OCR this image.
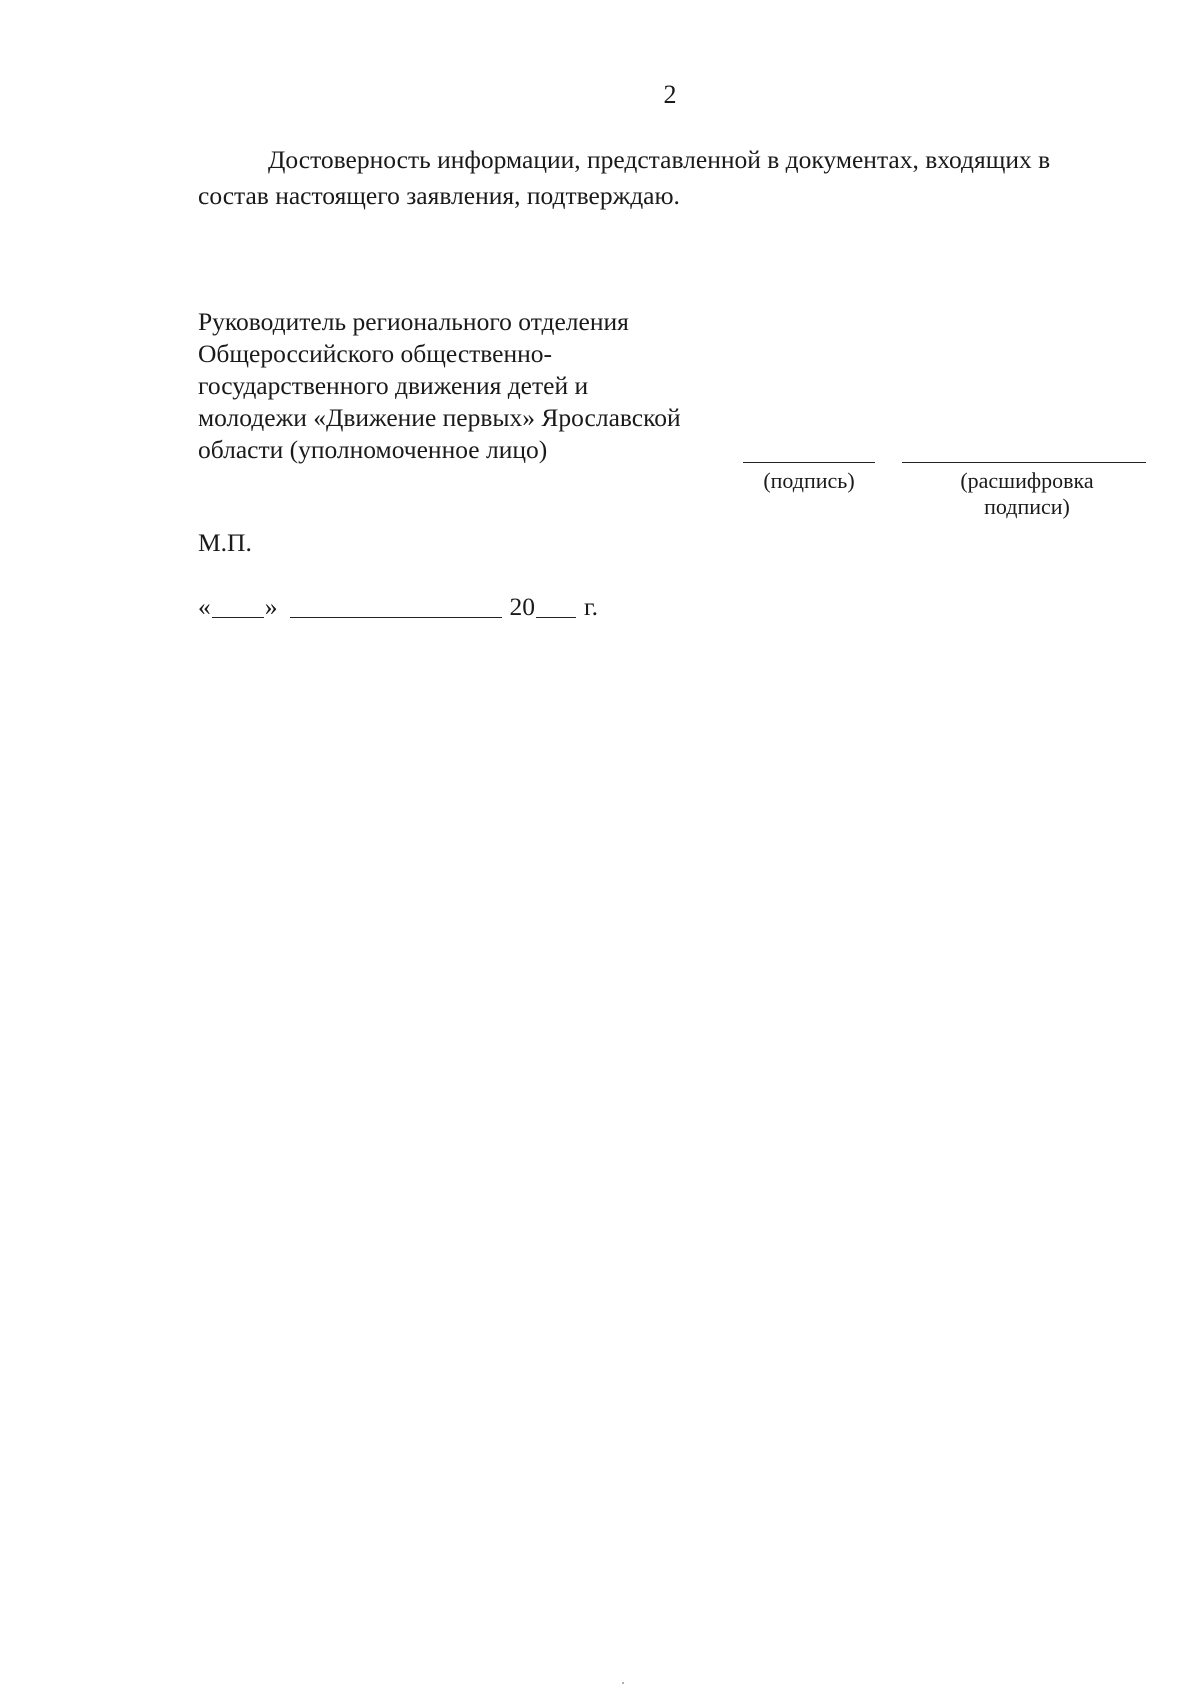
2
Достоверность информации, представленной в документах, входящих в
состав настоящего заявления, подтверждаю.
Руководитель регионального отделения
Общероссийского общественно-
государственного движения детей и
молодежи «Движение первых» Ярославской
области (уполномоченное лицо)
(подпись)	(расшифровка
подписи)
М.П.
« »	20 г.
